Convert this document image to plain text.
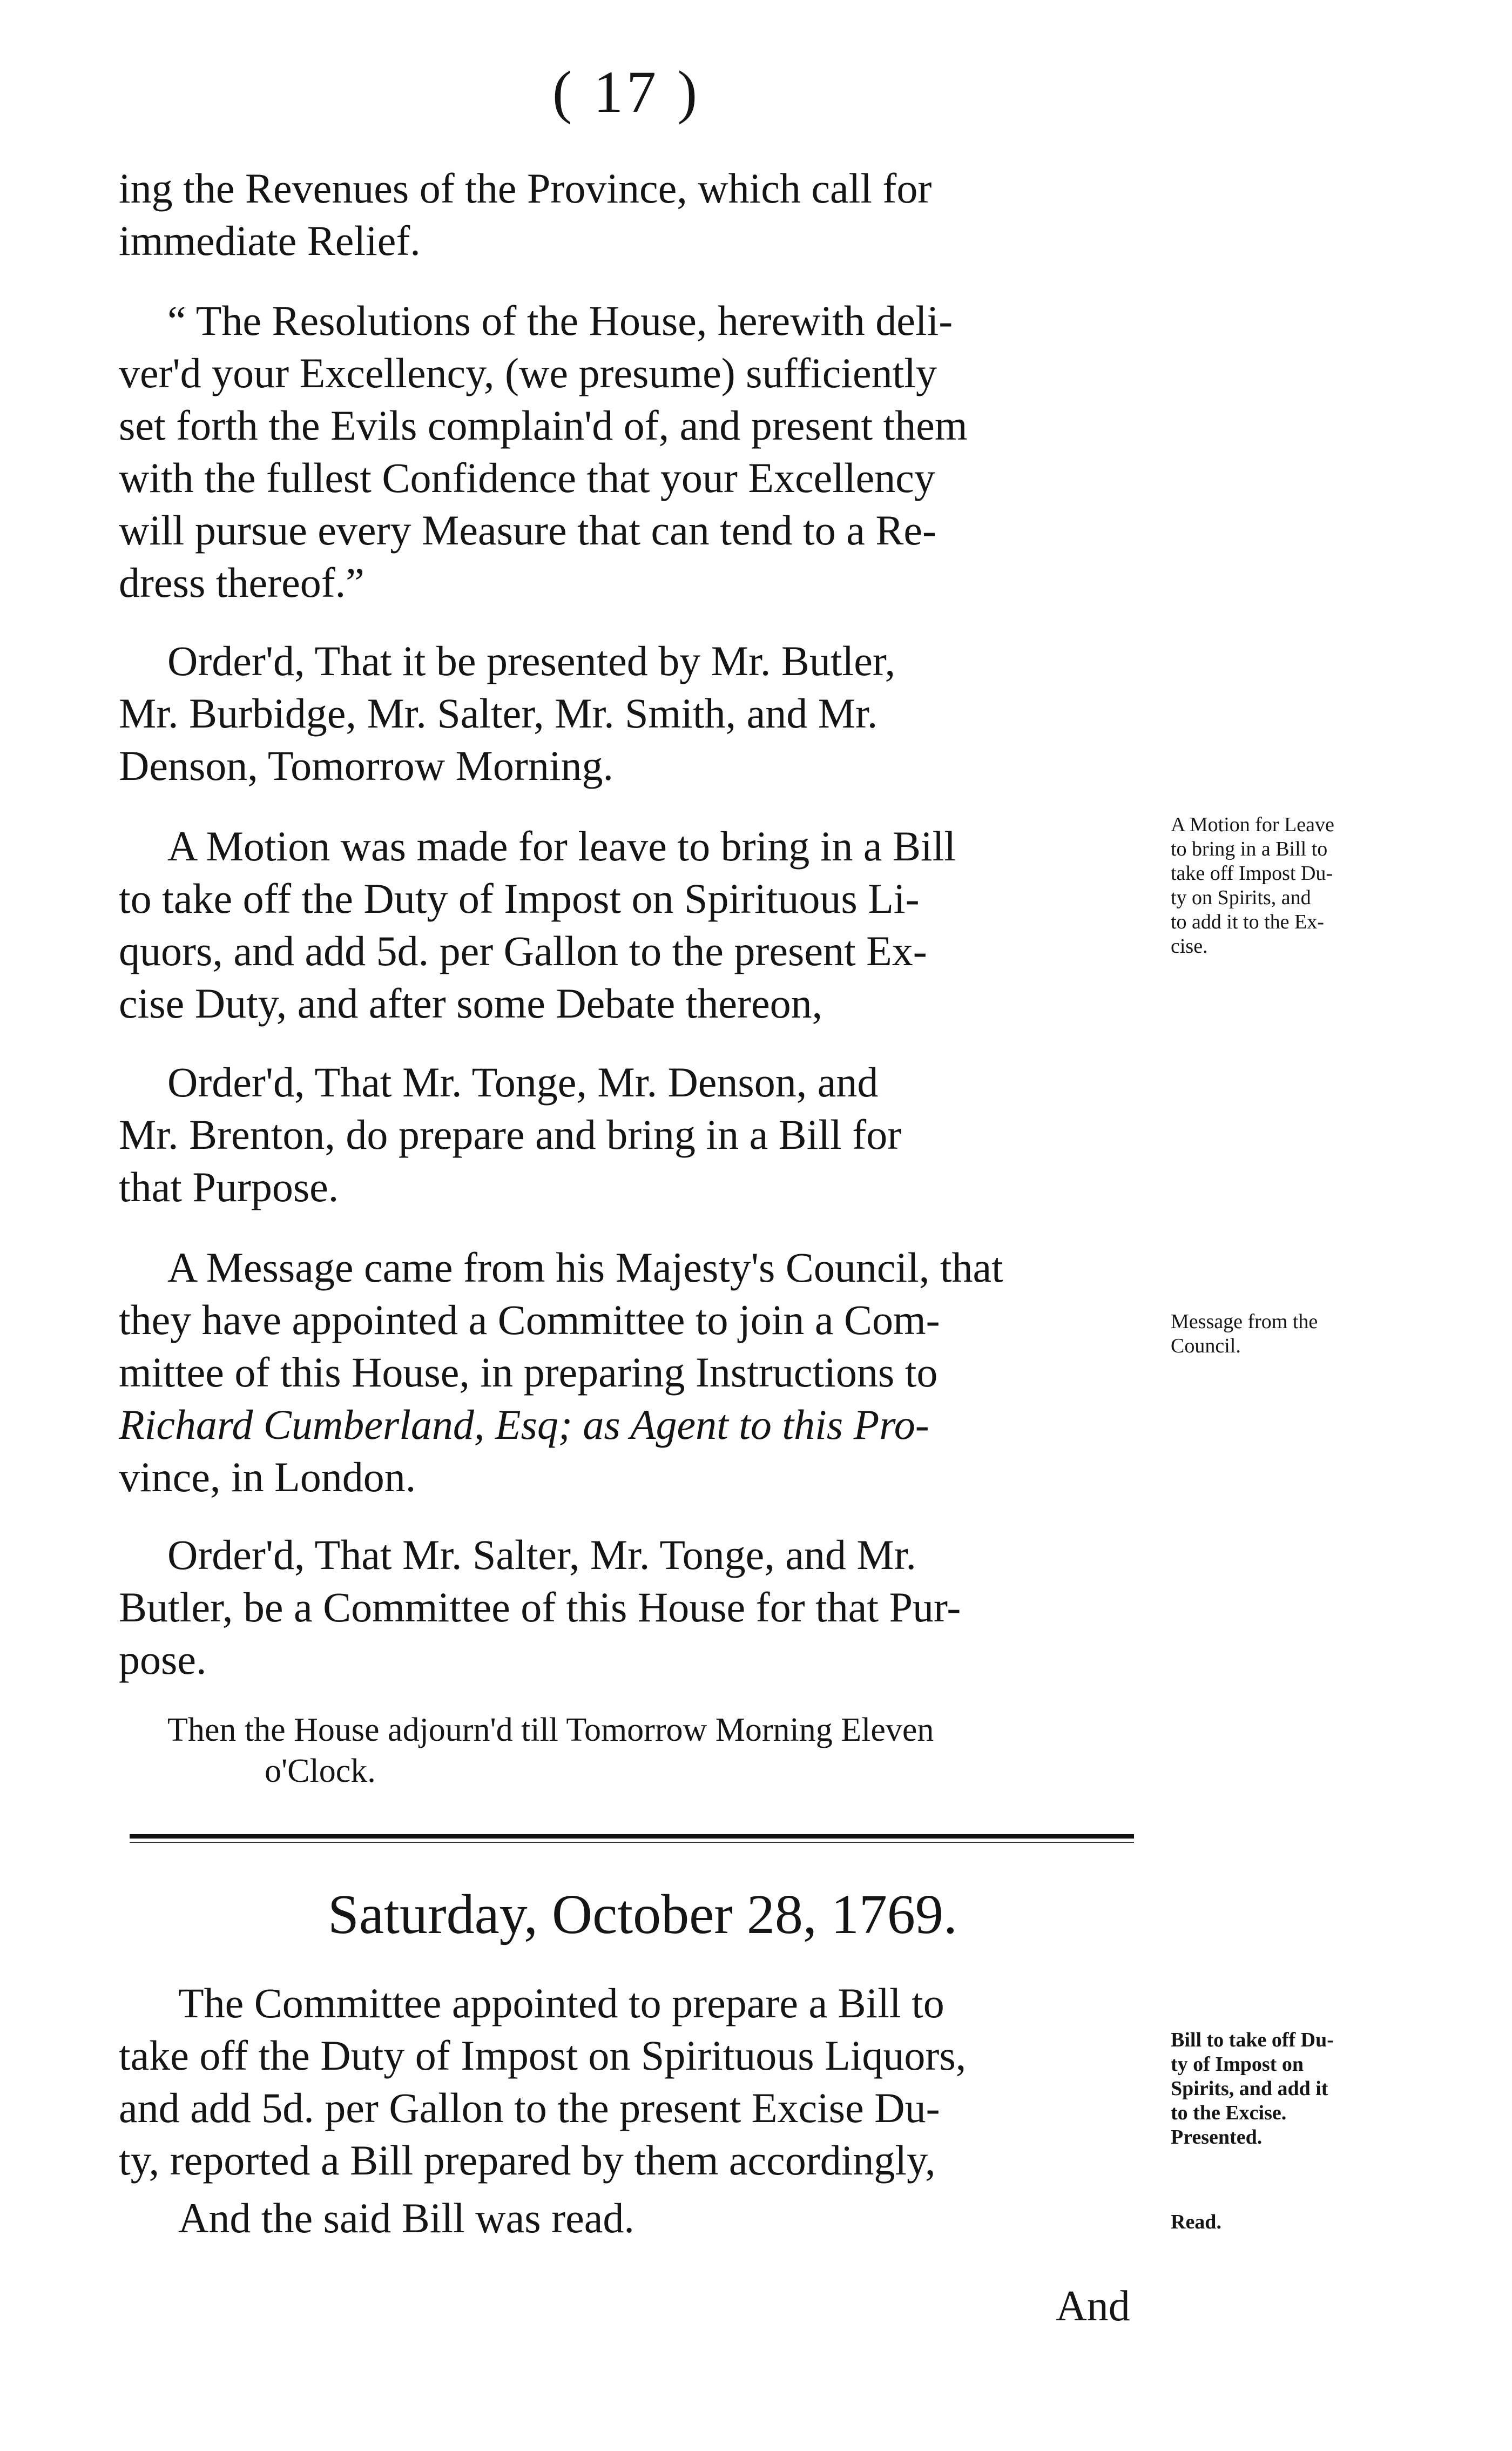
( 17 )

ing the Revenues of the Province, which call for
immediate Relief.

“ The Resolutions of the House, herewith deli-
ver'd your Excellency, (we presume) sufficiently
set forth the Evils complain'd of, and present them
with the fullest Confidence that your Excellency
will pursue every Measure that can tend to a Re-
dress thereof.”

Order'd, That it be presented by Mr. Butler,
Mr. Burbidge, Mr. Salter, Mr. Smith, and Mr.
Denson, Tomorrow Morning.

A Motion was made for leave to bring in a Bill
to take off the Duty of Impost on Spirituous Li-
quors, and add 5d. per Gallon to the present Ex-
cise Duty, and after some Debate thereon,

Order'd, That Mr. Tonge, Mr. Denson, and
Mr. Brenton, do prepare and bring in a Bill for
that Purpose.

A Message came from his Majesty's Council, that
they have appointed a Committee to join a Com-
mittee of this House, in preparing Instructions to
Richard Cumberland, Esq; as Agent to this Pro-
vince, in London.

Order'd, That Mr. Salter, Mr. Tonge, and Mr.
Butler, be a Committee of this House for that Pur-
pose.

Then the House adjourn'd till Tomorrow Morning Eleven
o'Clock.
Saturday, October 28, 1769.

The Committee appointed to prepare a Bill to
take off the Duty of Impost on Spirituous Liquors,
and add 5d. per Gallon to the present Excise Du-
ty, reported a Bill prepared by them accordingly,

And the said Bill was read.

And
A Motion for Leave
to bring in a Bill to
take off Impost Du-
ty on Spirits, and
to add it to the Ex-
cise.
Message from the
Council.
Bill to take off Du-
ty of Impost on
Spirits, and add it
to the Excise.
Presented.
Read.
